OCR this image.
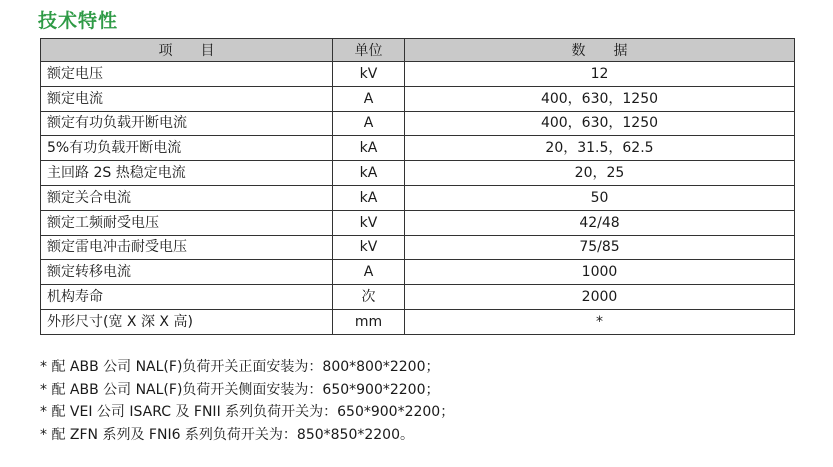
技术特性
项　　目	单位	数　　据
额定电压	kV	12
额定电流	A	400，630，1250
额定有功负载开断电流	A	400，630，1250
5%有功负载开断电流	kA	20，31.5，62.5
主回路 2S 热稳定电流	kA	20，25
额定关合电流	kA	50
额定工频耐受电压	kV	42/48
额定雷电冲击耐受电压	kV	75/85
额定转移电流	A	1000
机构寿命	次	2000
外形尺寸(宽 X 深 X 高)	mm	*
* 配 ABB 公司 NAL(F)负荷开关正面安装为：800*800*2200；
* 配 ABB 公司 NAL(F)负荷开关侧面安装为：650*900*2200；
* 配 VEI 公司 ISARC 及 FNII 系列负荷开关为：650*900*2200；
* 配 ZFN 系列及 FNI6 系列负荷开关为：850*850*2200。
